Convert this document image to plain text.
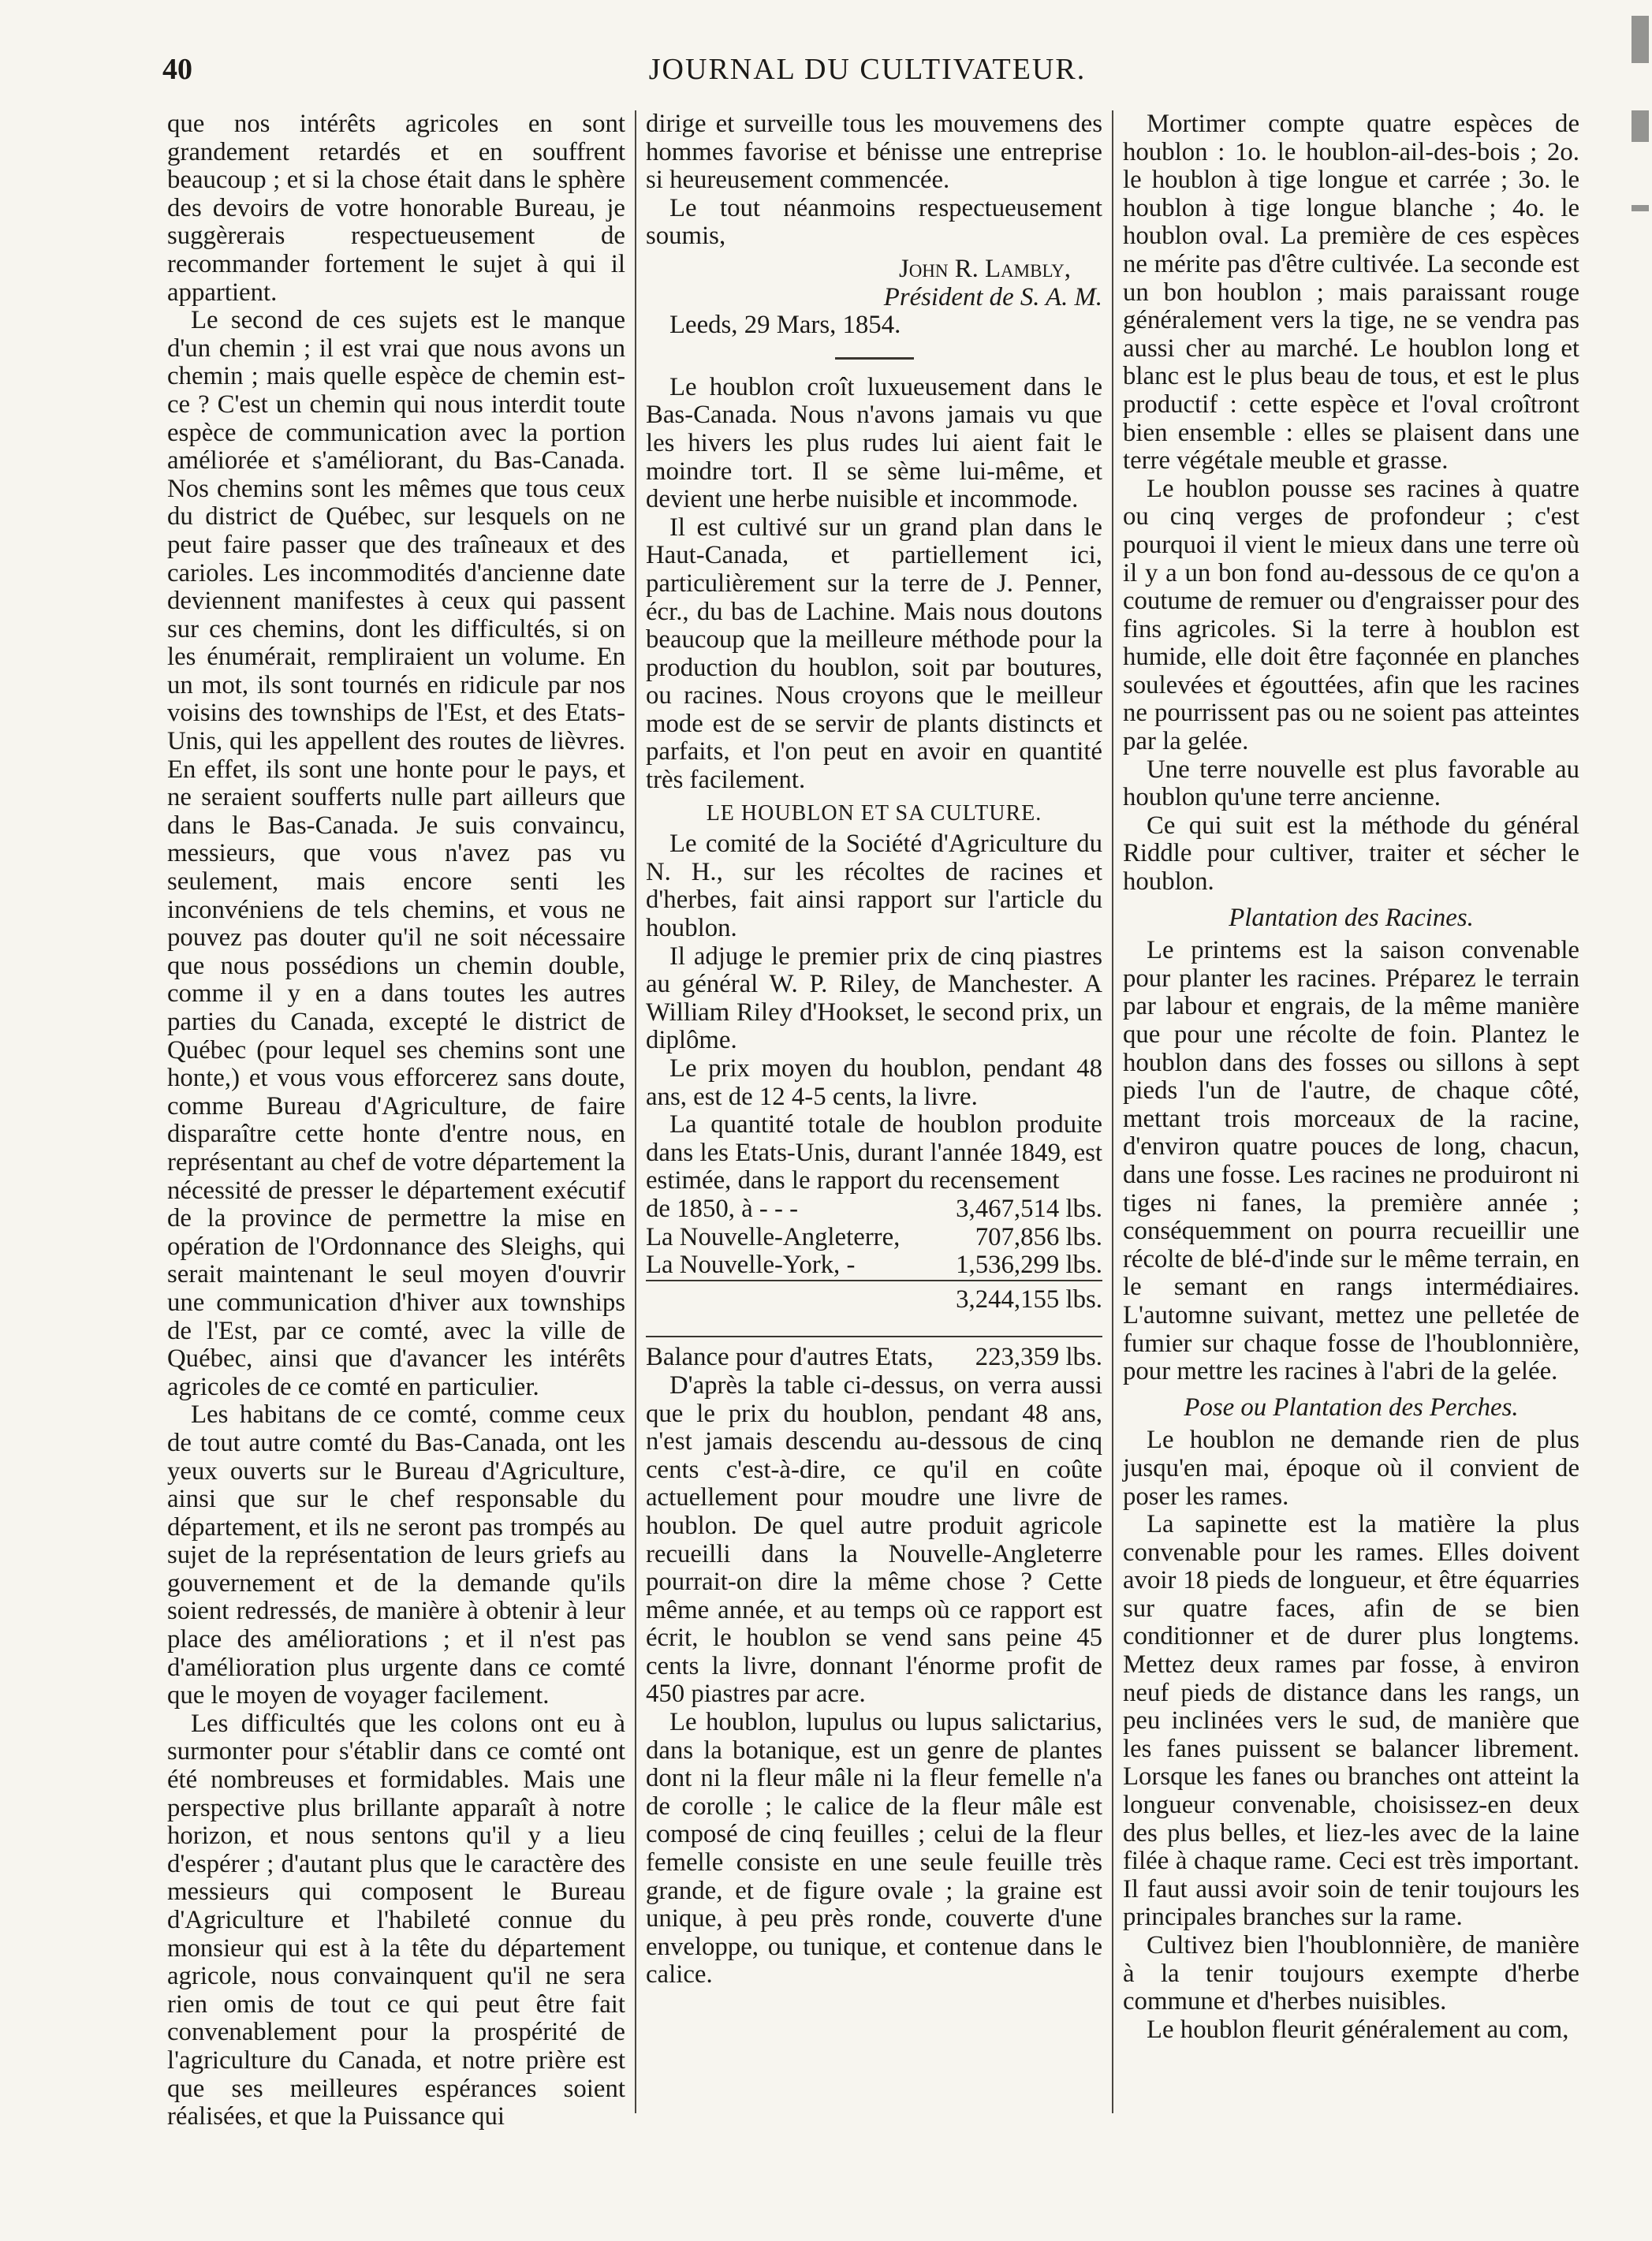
40	JOURNAL DU CULTIVATEUR.

que nos intérêts agricoles en sont grandement retardés et en souffrent beaucoup ; et si la chose était dans le sphère des devoirs de votre honorable Bureau, je suggèrerais respectueusement de recommander fortement le sujet à qui il appartient.

Le second de ces sujets est le manque d'un chemin ; il est vrai que nous avons un chemin ; mais quelle espèce de chemin est-ce ? C'est un chemin qui nous interdit toute espèce de communication avec la portion améliorée et s'améliorant, du Bas-Canada. Nos chemins sont les mêmes que tous ceux du district de Québec, sur lesquels on ne peut faire passer que des traîneaux et des carioles. Les incommodités d'ancienne date deviennent manifestes à ceux qui passent sur ces chemins, dont les difficultés, si on les énumérait, rempliraient un volume. En un mot, ils sont tournés en ridicule par nos voisins des townships de l'Est, et des Etats-Unis, qui les appellent des routes de lièvres. En effet, ils sont une honte pour le pays, et ne seraient soufferts nulle part ailleurs que dans le Bas-Canada. Je suis convaincu, messieurs, que vous n'avez pas vu seulement, mais encore senti les inconvéniens de tels chemins, et vous ne pouvez pas douter qu'il ne soit nécessaire que nous possédions un chemin double, comme il y en a dans toutes les autres parties du Canada, excepté le district de Québec (pour lequel ses chemins sont une honte,) et vous vous efforcerez sans doute, comme Bureau d'Agriculture, de faire disparaître cette honte d'entre nous, en représentant au chef de votre département la nécessité de presser le département exécutif de la province de permettre la mise en opération de l'Ordonnance des Sleighs, qui serait maintenant le seul moyen d'ouvrir une communication d'hiver aux townships de l'Est, par ce comté, avec la ville de Québec, ainsi que d'avancer les intérêts agricoles de ce comté en particulier.

Les habitans de ce comté, comme ceux de tout autre comté du Bas-Canada, ont les yeux ouverts sur le Bureau d'Agriculture, ainsi que sur le chef responsable du département, et ils ne seront pas trompés au sujet de la représentation de leurs griefs au gouvernement et de la demande qu'ils soient redressés, de manière à obtenir à leur place des améliorations ; et il n'est pas d'amélioration plus urgente dans ce comté que le moyen de voyager facilement.

Les difficultés que les colons ont eu à surmonter pour s'établir dans ce comté ont été nombreuses et formidables. Mais une perspective plus brillante apparaît à notre horizon, et nous sentons qu'il y a lieu d'espérer ; d'autant plus que le caractère des messieurs qui composent le Bureau d'Agriculture et l'habileté connue du monsieur qui est à la tête du département agricole, nous convainquent qu'il ne sera rien omis de tout ce qui peut être fait convenablement pour la prospérité de l'agriculture du Canada, et notre prière est que ses meilleures espérances soient réalisées, et que la Puissance qui

dirige et surveille tous les mouvemens des hommes favorise et bénisse une entreprise si heureusement commencée.

Le tout néanmoins respectueusement soumis,

John R. Lambly,
Président de S. A. M.
Leeds, 29 Mars, 1854.

Le houblon croît luxueusement dans le Bas-Canada. Nous n'avons jamais vu que les hivers les plus rudes lui aient fait le moindre tort. Il se sème lui-même, et devient une herbe nuisible et incommode.

Il est cultivé sur un grand plan dans le Haut-Canada, et partiellement ici, particulièrement sur la terre de J. Penner, écr., du bas de Lachine. Mais nous doutons beaucoup que la meilleure méthode pour la production du houblon, soit par boutures, ou racines. Nous croyons que le meilleur mode est de se servir de plants distincts et parfaits, et l'on peut en avoir en quantité très facilement.

LE HOUBLON ET SA CULTURE.

Le comité de la Société d'Agriculture du N. H., sur les récoltes de racines et d'herbes, fait ainsi rapport sur l'article du houblon.

Il adjuge le premier prix de cinq piastres au général W. P. Riley, de Manchester. A William Riley d'Hookset, le second prix, un diplôme.

Le prix moyen du houblon, pendant 48 ans, est de 12 4-5 cents, la livre.

La quantité totale de houblon produite dans les Etats-Unis, durant l'année 1849, est estimée, dans le rapport du recensement

de 1850, à - - -	3,467,514 lbs.
La Nouvelle-Angleterre,	707,856 lbs.
La Nouvelle-York, -	1,536,299 lbs.
	3,244,155 lbs.

Balance pour d'autres Etats,	223,359 lbs.

D'après la table ci-dessus, on verra aussi que le prix du houblon, pendant 48 ans, n'est jamais descendu au-dessous de cinq cents c'est-à-dire, ce qu'il en coûte actuellement pour moudre une livre de houblon. De quel autre produit agricole recueilli dans la Nouvelle-Angleterre pourrait-on dire la même chose ? Cette même année, et au temps où ce rapport est écrit, le houblon se vend sans peine 45 cents la livre, donnant l'énorme profit de 450 piastres par acre.

Le houblon, lupulus ou lupus salictarius, dans la botanique, est un genre de plantes dont ni la fleur mâle ni la fleur femelle n'a de corolle ; le calice de la fleur mâle est composé de cinq feuilles ; celui de la fleur femelle consiste en une seule feuille très grande, et de figure ovale ; la graine est unique, à peu près ronde, couverte d'une enveloppe, ou tunique, et contenue dans le calice.

Mortimer compte quatre espèces de houblon : 1o. le houblon-ail-des-bois ; 2o. le houblon à tige longue et carrée ; 3o. le houblon à tige longue blanche ; 4o. le houblon oval. La première de ces espèces ne mérite pas d'être cultivée. La seconde est un bon houblon ; mais paraissant rouge généralement vers la tige, ne se vendra pas aussi cher au marché. Le houblon long et blanc est le plus beau de tous, et est le plus productif : cette espèce et l'oval croîtront bien ensemble : elles se plaisent dans une terre végétale meuble et grasse.

Le houblon pousse ses racines à quatre ou cinq verges de profondeur ; c'est pourquoi il vient le mieux dans une terre où il y a un bon fond au-dessous de ce qu'on a coutume de remuer ou d'engraisser pour des fins agricoles. Si la terre à houblon est humide, elle doit être façonnée en planches soulevées et égouttées, afin que les racines ne pourrissent pas ou ne soient pas atteintes par la gelée.

Une terre nouvelle est plus favorable au houblon qu'une terre ancienne.

Ce qui suit est la méthode du général Riddle pour cultiver, traiter et sécher le houblon.

Plantation des Racines.

Le printems est la saison convenable pour planter les racines. Préparez le terrain par labour et engrais, de la même manière que pour une récolte de foin. Plantez le houblon dans des fosses ou sillons à sept pieds l'un de l'autre, de chaque côté, mettant trois morceaux de la racine, d'environ quatre pouces de long, chacun, dans une fosse. Les racines ne produiront ni tiges ni fanes, la première année ; conséquemment on pourra recueillir une récolte de blé-d'inde sur le même terrain, en le semant en rangs intermédiaires. L'automne suivant, mettez une pelletée de fumier sur chaque fosse de l'houblonnière, pour mettre les racines à l'abri de la gelée.

Pose ou Plantation des Perches.

Le houblon ne demande rien de plus jusqu'en mai, époque où il convient de poser les rames.

La sapinette est la matière la plus convenable pour les rames. Elles doivent avoir 18 pieds de longueur, et être équarries sur quatre faces, afin de se bien conditionner et de durer plus longtems. Mettez deux rames par fosse, à environ neuf pieds de distance dans les rangs, un peu inclinées vers le sud, de manière que les fanes puissent se balancer librement. Lorsque les fanes ou branches ont atteint la longueur convenable, choisissez-en deux des plus belles, et liez-les avec de la laine filée à chaque rame. Ceci est très important. Il faut aussi avoir soin de tenir toujours les principales branches sur la rame.

Cultivez bien l'houblonnière, de manière à la tenir toujours exempte d'herbe commune et d'herbes nuisibles.

Le houblon fleurit généralement au com,
